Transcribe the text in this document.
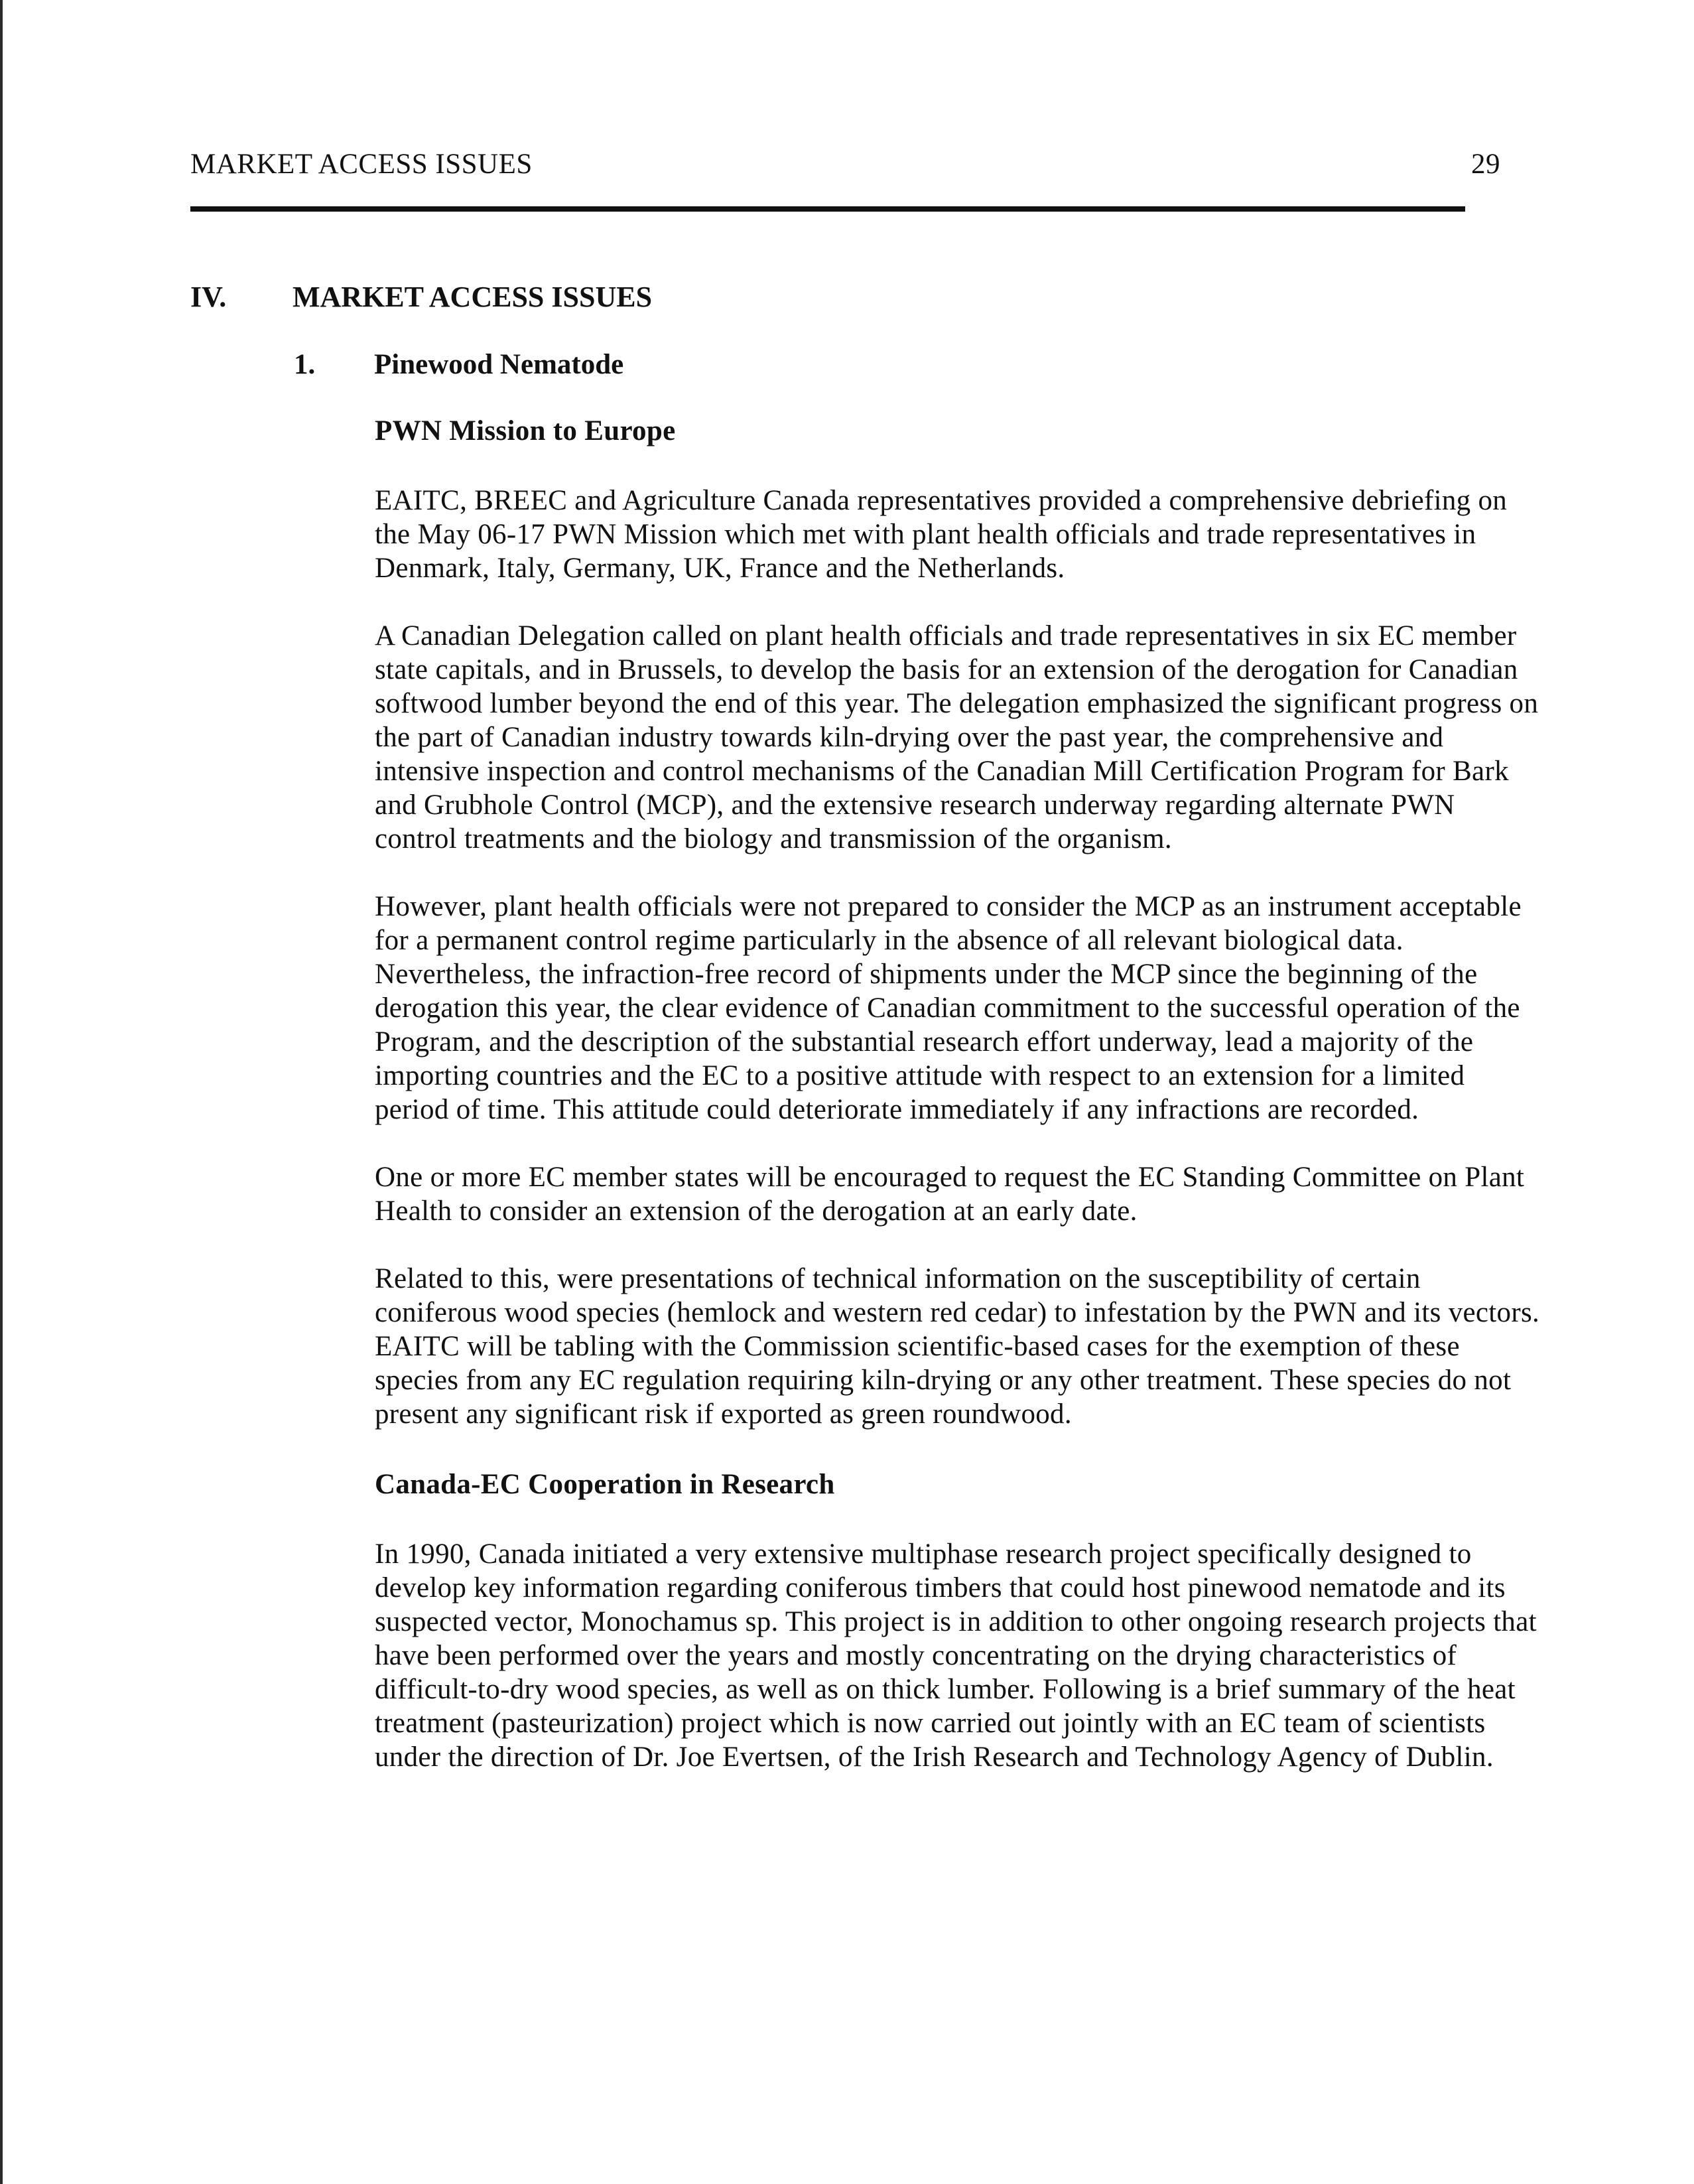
MARKET ACCESS ISSUES	29
IV. MARKET ACCESS ISSUES
1. Pinewood Nematode
PWN Mission to Europe

EAITC, BREEC and Agriculture Canada representatives provided a comprehensive debriefing on the May 06-17 PWN Mission which met with plant health officials and trade representatives in Denmark, Italy, Germany, UK, France and the Netherlands.

A Canadian Delegation called on plant health officials and trade representatives in six EC member state capitals, and in Brussels, to develop the basis for an extension of the derogation for Canadian softwood lumber beyond the end of this year. The delegation emphasized the significant progress on the part of Canadian industry towards kiln-drying over the past year, the comprehensive and intensive inspection and control mechanisms of the Canadian Mill Certification Program for Bark and Grubhole Control (MCP), and the extensive research underway regarding alternate PWN control treatments and the biology and transmission of the organism.

However, plant health officials were not prepared to consider the MCP as an instrument acceptable for a permanent control regime particularly in the absence of all relevant biological data. Nevertheless, the infraction-free record of shipments under the MCP since the beginning of the derogation this year, the clear evidence of Canadian commitment to the successful operation of the Program, and the description of the substantial research effort underway, lead a majority of the importing countries and the EC to a positive attitude with respect to an extension for a limited period of time. This attitude could deteriorate immediately if any infractions are recorded.

One or more EC member states will be encouraged to request the EC Standing Committee on Plant Health to consider an extension of the derogation at an early date.

Related to this, were presentations of technical information on the susceptibility of certain coniferous wood species (hemlock and western red cedar) to infestation by the PWN and its vectors. EAITC will be tabling with the Commission scientific-based cases for the exemption of these species from any EC regulation requiring kiln-drying or any other treatment. These species do not present any significant risk if exported as green roundwood.

Canada-EC Cooperation in Research

In 1990, Canada initiated a very extensive multiphase research project specifically designed to develop key information regarding coniferous timbers that could host pinewood nematode and its suspected vector, Monochamus sp. This project is in addition to other ongoing research projects that have been performed over the years and mostly concentrating on the drying characteristics of difficult-to-dry wood species, as well as on thick lumber. Following is a brief summary of the heat treatment (pasteurization) project which is now carried out jointly with an EC team of scientists under the direction of Dr. Joe Evertsen, of the Irish Research and Technology Agency of Dublin.
